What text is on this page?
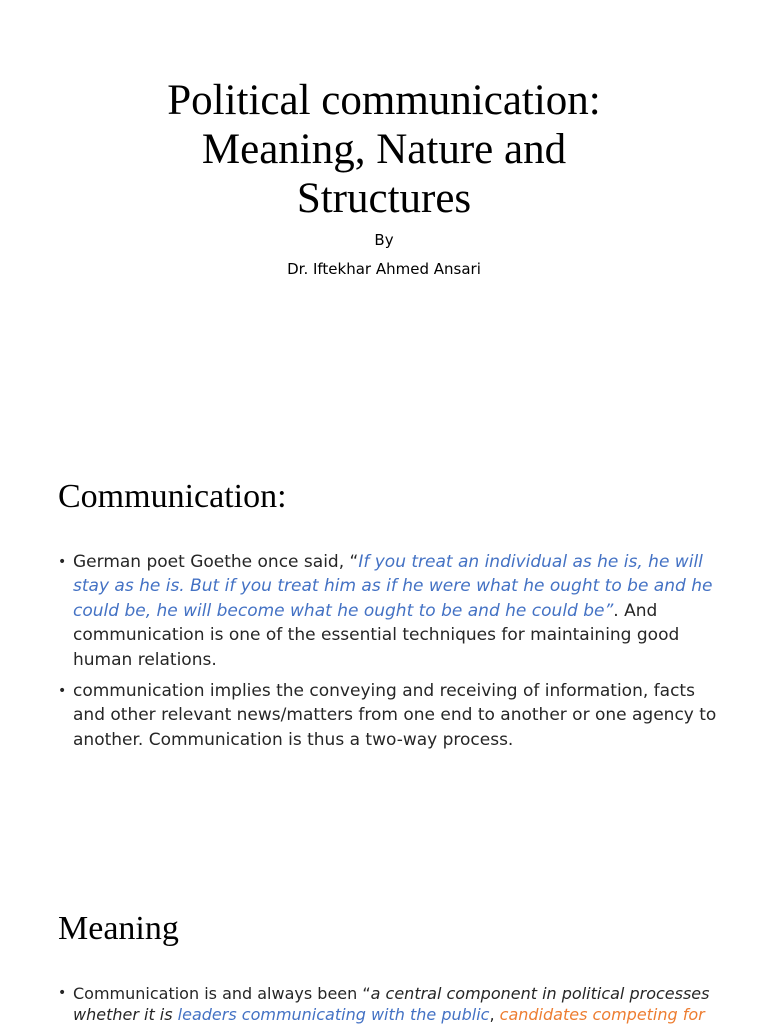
Political communication:
Meaning, Nature and
Structures
By
Dr. Iftekhar Ahmed Ansari
Communication:
• German poet Goethe once said, “If you treat an individual as he is, he will stay as he is. But if you treat him as if he were what he ought to be and he could be, he will become what he ought to be and he could be”. And communication is one of the essential techniques for maintaining good human relations.
• communication implies the conveying and receiving of information, facts and other relevant news/matters from one end to another or one agency to another. Communication is thus a two-way process.
Meaning
• Communication is and always been “a central component in political processes whether it is leaders communicating with the public, candidates competing for
